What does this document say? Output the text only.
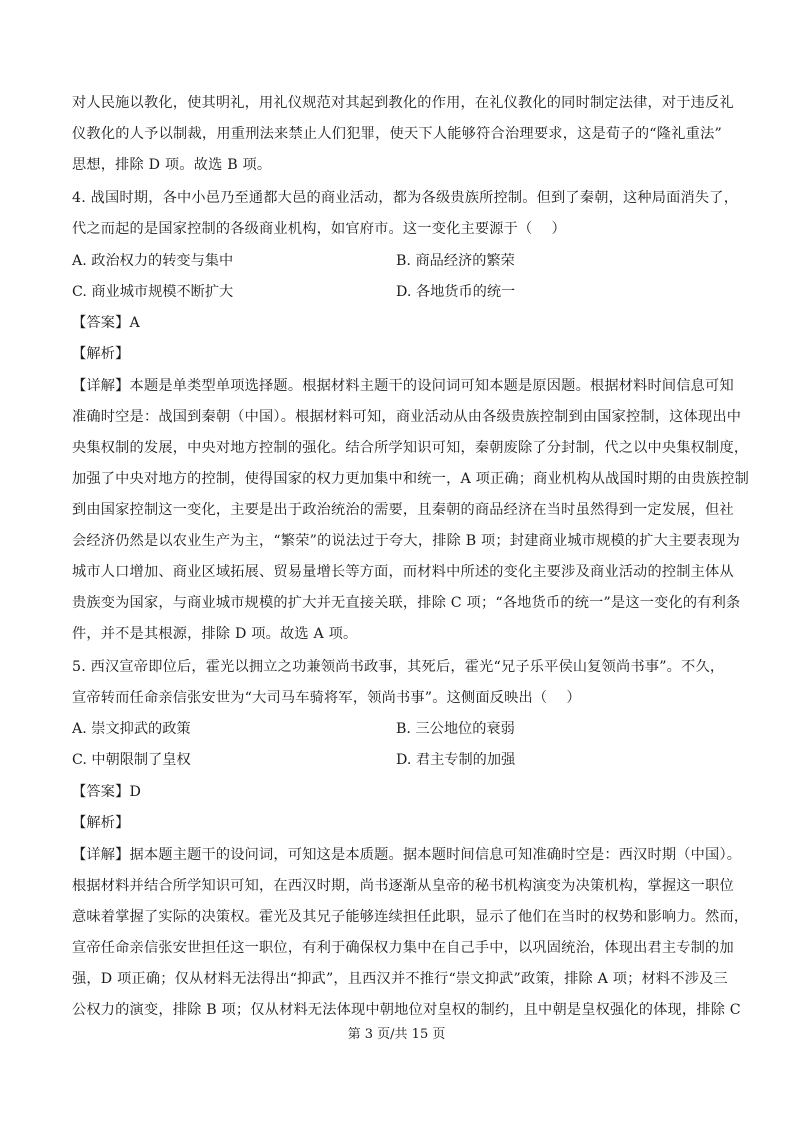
对人民施以教化，使其明礼，用礼仪规范对其起到教化的作用，在礼仪教化的同时制定法律，对于违反礼
仪教化的人予以制裁，用重刑法来禁止人们犯罪，使天下人能够符合治理要求，这是荀子的“隆礼重法”
思想，排除 D 项。故选 B 项。
4. 战国时期，各中小邑乃至通都大邑的商业活动，都为各级贵族所控制。但到了秦朝，这种局面消失了，
代之而起的是国家控制的各级商业机构，如官府市。这一变化主要源于（　 ）
A. 政治权力的转变与集中	B. 商品经济的繁荣
C. 商业城市规模不断扩大	D. 各地货币的统一
【答案】A
【解析】
【详解】本题是单类型单项选择题。根据材料主题干的设问词可知本题是原因题。根据材料时间信息可知
准确时空是：战国到秦朝（中国）。根据材料可知，商业活动从由各级贵族控制到由国家控制，这体现出中
央集权制的发展，中央对地方控制的强化。结合所学知识可知，秦朝废除了分封制，代之以中央集权制度，
加强了中央对地方的控制，使得国家的权力更加集中和统一，A 项正确；商业机构从战国时期的由贵族控制
到由国家控制这一变化，主要是出于政治统治的需要，且秦朝的商品经济在当时虽然得到一定发展，但社
会经济仍然是以农业生产为主，“繁荣”的说法过于夸大，排除 B 项；封建商业城市规模的扩大主要表现为
城市人口增加、商业区域拓展、贸易量增长等方面，而材料中所述的变化主要涉及商业活动的控制主体从
贵族变为国家，与商业城市规模的扩大并无直接关联，排除 C 项；“各地货币的统一”是这一变化的有利条
件，并不是其根源，排除 D 项。故选 A 项。
5. 西汉宣帝即位后，霍光以拥立之功兼领尚书政事，其死后，霍光“兄子乐平侯山复领尚书事”。不久，
宣帝转而任命亲信张安世为“大司马车骑将军，领尚书事”。这侧面反映出（　 ）
A. 崇文抑武的政策	B. 三公地位的衰弱
C. 中朝限制了皇权	D. 君主专制的加强
【答案】D
【解析】
【详解】据本题主题干的设问词，可知这是本质题。据本题时间信息可知准确时空是：西汉时期（中国）。
根据材料并结合所学知识可知，在西汉时期，尚书逐渐从皇帝的秘书机构演变为决策机构，掌握这一职位
意味着掌握了实际的决策权。霍光及其兄子能够连续担任此职，显示了他们在当时的权势和影响力。然而，
宣帝任命亲信张安世担任这一职位，有利于确保权力集中在自己手中，以巩固统治，体现出君主专制的加
强，D 项正确；仅从材料无法得出“抑武”，且西汉并不推行“崇文抑武”政策，排除 A 项；材料不涉及三
公权力的演变，排除 B 项；仅从材料无法体现中朝地位对皇权的制约，且中朝是皇权强化的体现，排除 C
第 3 页/共 15 页
